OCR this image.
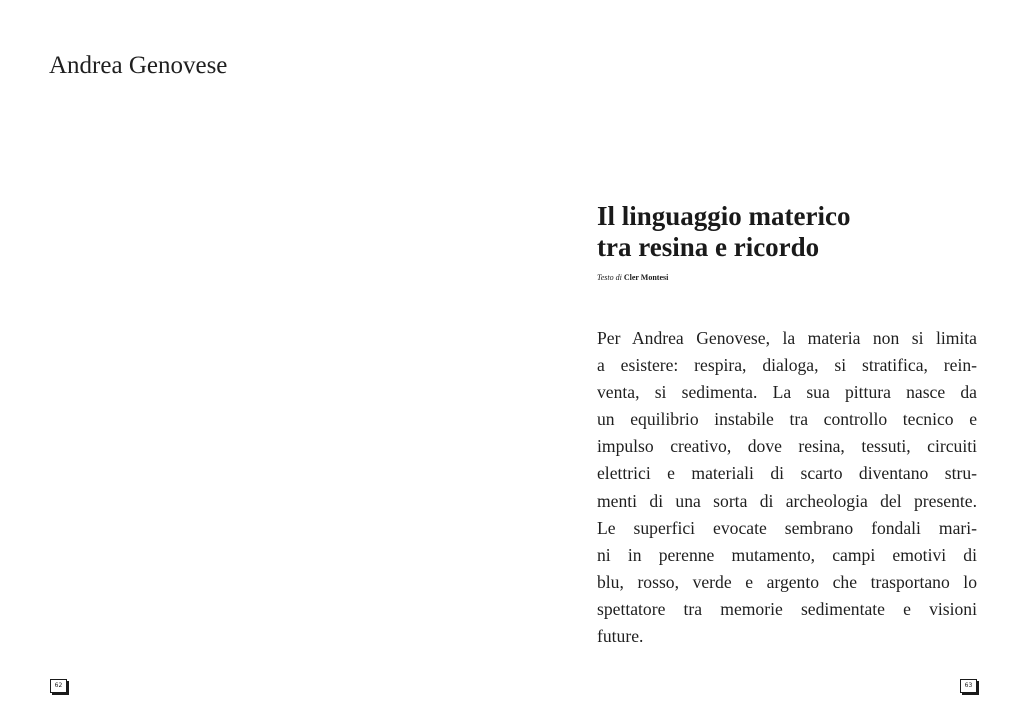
Andrea Genovese
62
Il linguaggio materico
tra resina e ricordo

Testo di Cler Montesi

Per Andrea Genovese, la materia non si limita
a esistere: respira, dialoga, si stratifica, rein-
venta, si sedimenta. La sua pittura nasce da
un equilibrio instabile tra controllo tecnico e
impulso creativo, dove resina, tessuti, circuiti
elettrici e materiali di scarto diventano stru-
menti di una sorta di archeologia del presente.
Le superfici evocate sembrano fondali mari-
ni in perenne mutamento, campi emotivi di
blu, rosso, verde e argento che trasportano lo
spettatore tra memorie sedimentate e visioni
future.

63
